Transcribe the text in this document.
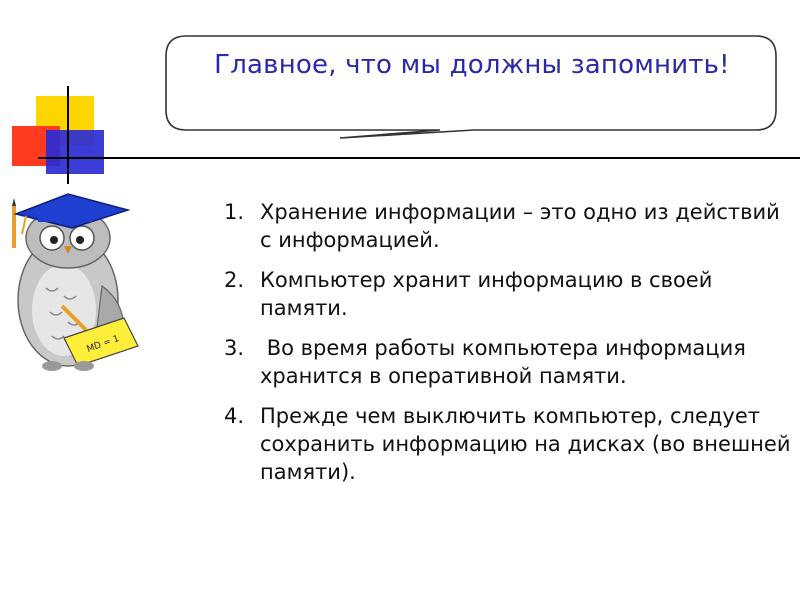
Главное, что мы должны запомнить!
MD = 1
1. Хранение информации – это одно из действий с информацией.
2. Компьютер хранит информацию в своей памяти.
3. Во время работы компьютера информация хранится в оперативной памяти.
4. Прежде чем выключить компьютер, следует сохранить информацию на дисках (во внешней памяти).
